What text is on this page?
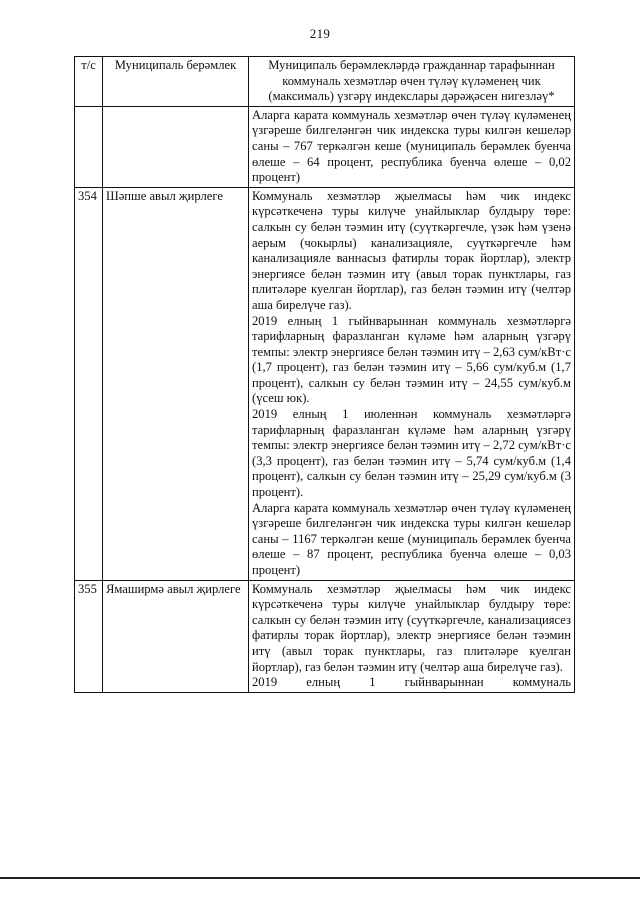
219
т/с	Муниципаль берәмлек	Муниципаль берәмлекләрдә гражданнар тарафыннан коммуналь хезмәтләр өчен түләү күләменең чик (максималь) үзгәрү индекслары дәрәҗәсен нигезләү*

		Аларга карата коммуналь хезмәтләр өчен түләү күләменең үзгәреше билгеләнгән чик индекска туры килгән кешеләр саны – 767 теркәлгән кеше (муниципаль берәмлек буенча өлеше – 64 процент, республика буенча өлеше – 0,02 процент)

354	Шәпше авыл җирлеге	Коммуналь хезмәтләр җыелмасы һәм чик индекс күрсәткеченә туры килүче унайлыклар булдыру төре: салкын су белән тәэмин итү (суүткәргечле, үзәк һәм үзенә аерым (чокырлы) канализацияле, суүткәргечле һәм канализацияле ваннасыз фатирлы торак йортлар), электр энергиясе белән тәэмин итү (авыл торак пунктлары, газ плитәләре куелган йортлар), газ белән тәэмин итү (челтәр аша бирелүче газ).

2019 елның 1 гыйнварыннан коммуналь хезмәтләргә тарифларның фаразланган күләме һәм аларның үзгәрү темпы: электр энергиясе белән тәэмин итү – 2,63 сум/кВт·с (1,7 процент), газ белән тәэмин итү – 5,66 сум/куб.м (1,7 процент), салкын су белән тәэмин итү – 24,55 сум/куб.м (үсеш юк).

2019 елның 1 июленнән коммуналь хезмәтләргә тарифларның фаразланган күләме һәм аларның үзгәрү темпы: электр энергиясе белән тәэмин итү – 2,72 сум/кВт·с (3,3 процент), газ белән тәэмин итү – 5,74 сум/куб.м (1,4 процент), салкын су белән тәэмин итү – 25,29 сум/куб.м (3 процент).

Аларга карата коммуналь хезмәтләр өчен түләү күләменең үзгәреше билгеләнгән чик индекска туры килгән кешеләр саны – 1167 теркәлгән кеше (муниципаль берәмлек буенча өлеше – 87 процент, республика буенча өлеше – 0,03 процент)

355	Ямаширмә авыл җирлеге	Коммуналь хезмәтләр җыелмасы һәм чик индекс күрсәткеченә туры килүче унайлыклар булдыру төре: салкын су белән тәэмин итү (суүткәргечле, канализациясез фатирлы торак йортлар), электр энергиясе белән тәэмин итү (авыл торак пунктлары, газ плитәләре куелган йортлар), газ белән тәэмин итү (челтәр аша бирелүче газ).

2019 елның 1 гыйнварыннан коммуналь
